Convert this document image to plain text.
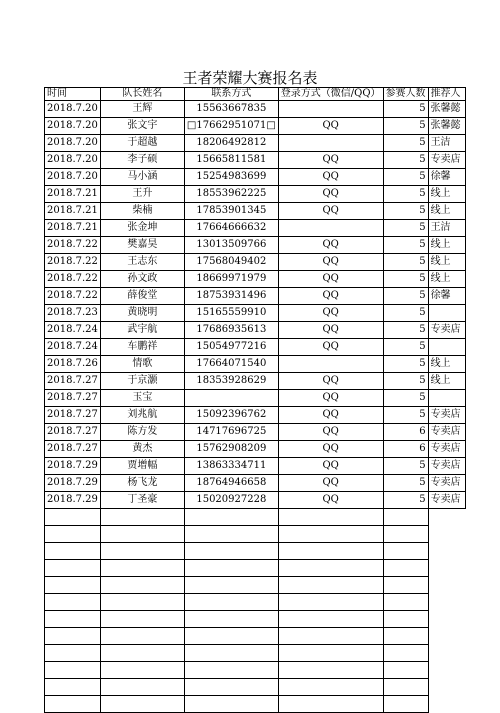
王者荣耀大赛报名表
时间	队长姓名	联系方式	登录方式（微信/QQ）	参赛人数	推荐人
2018.7.20	王辉	15563667835		5	张馨懿
2018.7.20	张文宇	□17662951071□	QQ	5	张馨懿
2018.7.20	于超越	18206492812		5	王洁
2018.7.20	李子硕	15665811581	QQ	5	专卖店
2018.7.20	马小涵	15254983699	QQ	5	徐馨
2018.7.21	王升	18553962225	QQ	5	线上
2018.7.21	柴楠	17853901345	QQ	5	线上
2018.7.21	张金坤	17664666632		5	王洁
2018.7.22	樊嘉昊	13013509766	QQ	5	线上
2018.7.22	王志东	17568049402	QQ	5	线上
2018.7.22	孙文政	18669971979	QQ	5	线上
2018.7.22	薛俊堂	18753931496	QQ	5	徐馨
2018.7.23	黄晓明	15165559910	QQ	5	
2018.7.24	武宇航	17686935613	QQ	5	专卖店
2018.7.24	车鹏祥	15054977216	QQ	5	
2018.7.26	情歌	17664071540		5	线上
2018.7.27	于京灏	18353928629	QQ	5	线上
2018.7.27	玉宝		QQ	5	
2018.7.27	刘兆航	15092396762	QQ	5	专卖店
2018.7.27	陈方发	14717696725	QQ	6	专卖店
2018.7.27	黄杰	15762908209	QQ	6	专卖店
2018.7.29	贾增幅	13863334711	QQ	5	专卖店
2018.7.29	杨飞龙	18764946658	QQ	5	专卖店
2018.7.29	丁圣豪	15020927228	QQ	5	专卖店
